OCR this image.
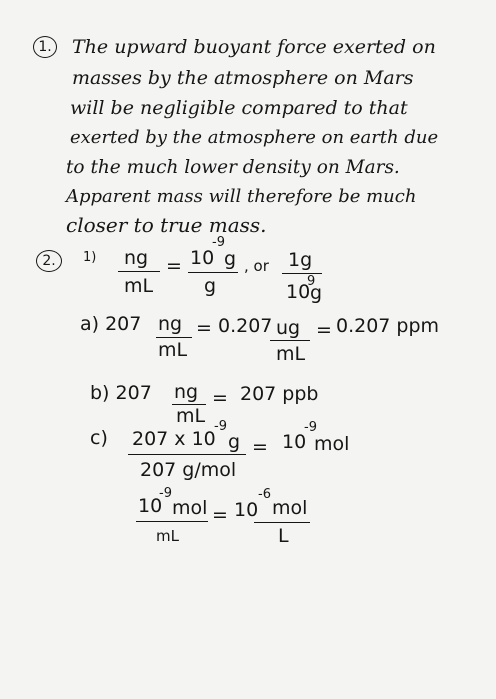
1. The upward buoyant force exerted on
masses by the atmosphere on Mars
will be negligible compared to that
exerted by the atmosphere on earth due
to the much lower density on Mars.
Apparent mass will therefore be much
closer to true mass.
2.	1) ng
mL
= 10
-9
g
g
, or 1g
10
9
g
a) 207 ng
mL
= 0.207 ug
mL
= 0.207 ppm
b) 207 ng
mL
= 207 ppb
c) 207 x 10
-9
g
207 g/mol
= 10
-9
mol
10
-9
mol
mL
= 10
-6
mol
L
